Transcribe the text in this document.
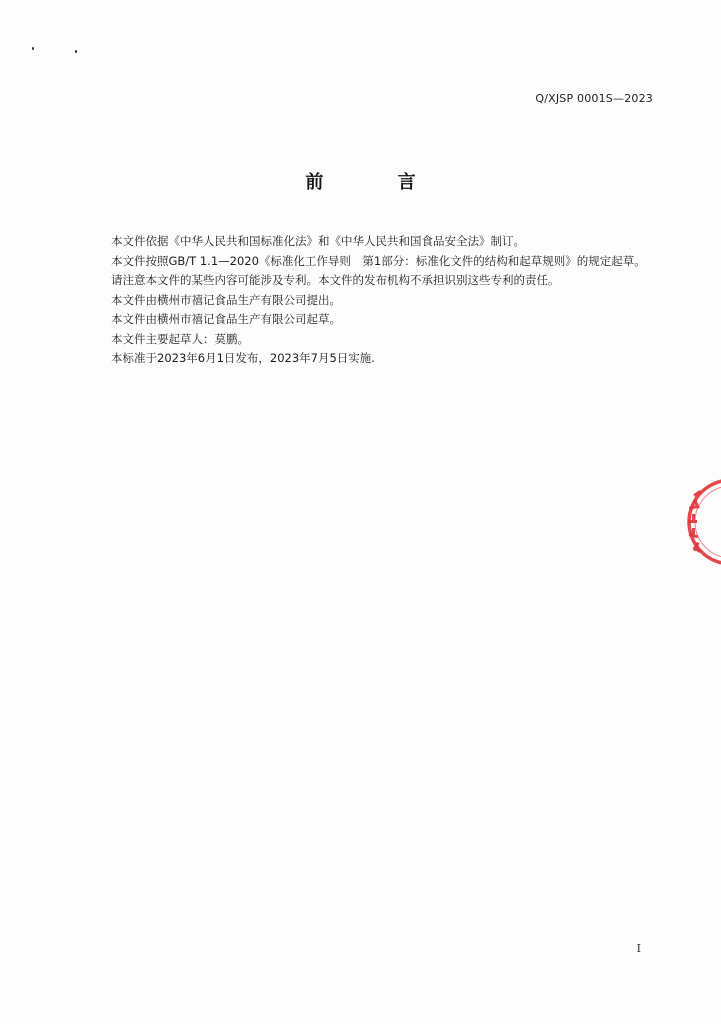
Q/XJSP 0001S—2023
前 言

本文件依据《中华人民共和国标准化法》和《中华人民共和国食品安全法》制订。

本文件按照GB/T 1.1—2020《标准化工作导则　第1部分：标准化文件的结构和起草规则》的规定起草。

请注意本文件的某些内容可能涉及专利。本文件的发布机构不承担识别这些专利的责任。

本文件由横州市禧记食品生产有限公司提出。

本文件由横州市禧记食品生产有限公司起草。

本文件主要起草人：莫鹏。

本标准于2023年6月1日发布，2023年7月5日实施.

I
